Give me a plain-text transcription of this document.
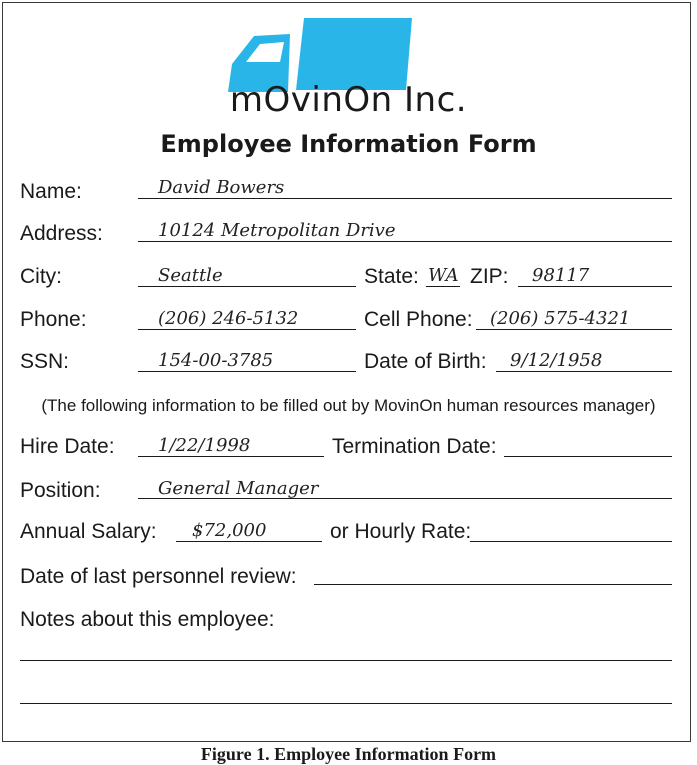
mOvinOn Inc.
Employee Information Form
Name:	David Bowers
Address:	10124 Metropolitan Drive
City:	Seattle	State: WA ZIP: 98117
Phone:	(206) 246-5132	Cell Phone: (206) 575-4321
SSN:	154-00-3785	Date of Birth: 9/12/1958
(The following information to be filled out by MovinOn human resources manager)
Hire Date: 1/22/1998	Termination Date:
Position:	General Manager
Annual Salary: $72,000	or Hourly Rate:
Date of last personnel review:
Notes about this employee:
Figure 1. Employee Information Form
